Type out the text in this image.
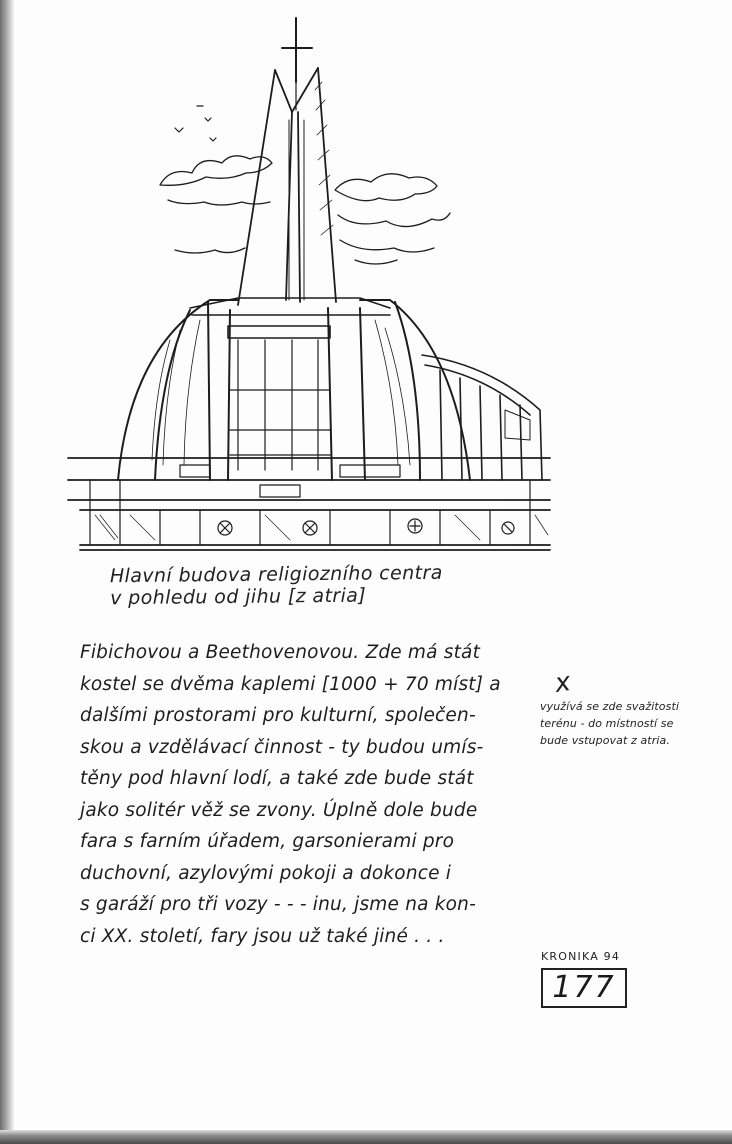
Hlavní budova religiozního centra
v pohledu od jihu [z atria]
Fibichovou a Beethovenovou. Zde má stát
kostel se dvěma kaplemi [1000 + 70 míst] a
dalšími prostorami pro kulturní, společen-
skou a vzdělávací činnost - ty budou umís-
těny pod hlavní lodí, a také zde bude stát
jako solitér věž se zvony. Úplně dole bude
fara s farním úřadem, garsonierami pro
duchovní, azylovými pokoji a dokonce i
s garáží pro tři vozy - - - inu, jsme na kon-
ci XX. století, fary jsou už také jiné . . .
x
využívá se zde svažitosti
terénu - do místností se
bude vstupovat z atria.
KRONIKA 94
177
